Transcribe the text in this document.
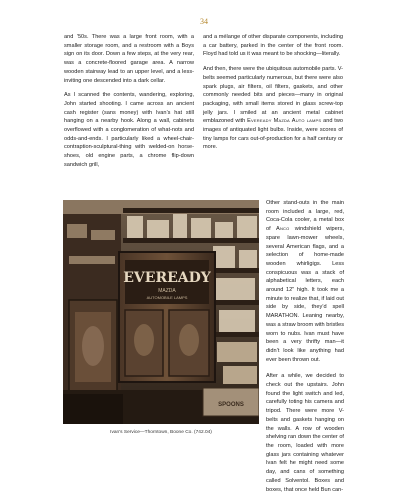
34

and ’50s. There was a large front room, with a smaller storage room, and a restroom with a Boys sign on its door. Down a few steps, at the very rear, was a concrete-floored garage area. A narrow wooden stairway lead to an upper level, and a less-inviting one descended into a dark cellar.

As I scanned the contents, wandering, exploring, John started shooting. I came across an ancient cash register (sans money) with Ivan’s hat still hanging on a nearby hook. Along a wall, cabinets overflowed with a conglomeration of what-nots and odds-and-ends. I particularly liked a wheel-chair-contraption-sculptural-thing with welded-on horse-shoes, old engine parts, a chrome flip-down sandwich grill,

and a mélange of other disparate components, including a car battery, parked in the center of the front room. Floyd had told us it was meant to be shocking—literally.

And then, there were the ubiquitous automobile parts. V-belts seemed particularly numerous, but there were also spark plugs, air filters, oil filters, gaskets, and other commonly needed bits and pieces—many in original packaging, with small items stored in glass screw-top jelly jars. I smiled at an ancient metal cabinet emblazoned with Eveready Mazda Auto lamps and two images of antiquated light bulbs. Inside, were scores of tiny lamps for cars out-of-production for a half century or more.

Other stand-outs in the main room included a large, red, Coca-Cola cooler, a metal box of Anco windshield wipers, spare lawn-mower wheels, several American flags, and a selection of home-made wooden whirligigs. Less conspicuous was a stack of alphabetical letters, each around 12" high. It took me a minute to realize that, if laid out side by side, they’d spell MARATHON. Leaning nearby, was a straw broom with bristles worn to nubs. Ivan must have been a very thrifty man—it didn’t look like anything had ever been thrown out.

After a while, we decided to check out the upstairs. John found the light switch and led, carefully toting his camera and tripod. There were more V-belts and gaskets hanging on the walls. A row of wooden shelving ran down the center of the room, loaded with more glass jars containing whatever Ivan felt he might need some day, and cans of something called Solventol. Boxes and boxes, that once held Bun can-

EVEREADY
MAZDA
AUTOMOBILE LAMPS
SPOONS
Ivan’s Service—Thorntown, Boone Co. (742.04)
